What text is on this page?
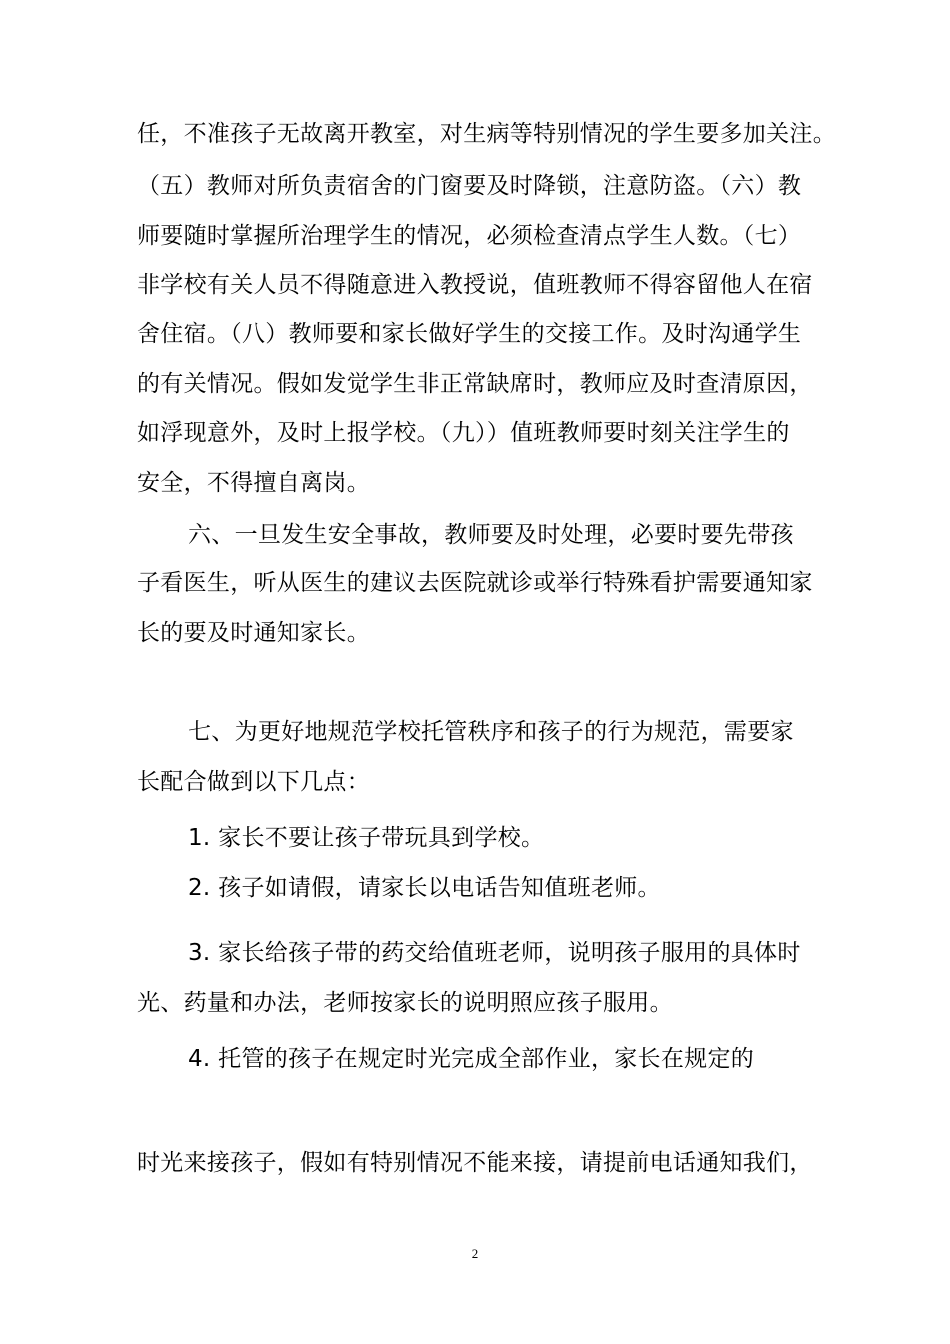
任，不准孩子无故离开教室，对生病等特别情况的学生要多加关注。
（五）教师对所负责宿舍的门窗要及时降锁，注意防盗。（六）教
师要随时掌握所治理学生的情况，必须检查清点学生人数。（七）
非学校有关人员不得随意进入教授说，值班教师不得容留他人在宿
舍住宿。（八）教师要和家长做好学生的交接工作。及时沟通学生
的有关情况。假如发觉学生非正常缺席时，教师应及时查清原因，
如浮现意外，及时上报学校。（九））值班教师要时刻关注学生的
安全，不得擅自离岗。
六、一旦发生安全事故，教师要及时处理，必要时要先带孩
子看医生，听从医生的建议去医院就诊或举行特殊看护需要通知家
长的要及时通知家长。
七、为更好地规范学校托管秩序和孩子的行为规范，需要家
长配合做到以下几点：
1. 家长不要让孩子带玩具到学校。
2. 孩子如请假，请家长以电话告知值班老师。
3. 家长给孩子带的药交给值班老师，说明孩子服用的具体时
光、药量和办法，老师按家长的说明照应孩子服用。
4. 托管的孩子在规定时光完成全部作业，家长在规定的
时光来接孩子，假如有特别情况不能来接，请提前电话通知我们，
2
